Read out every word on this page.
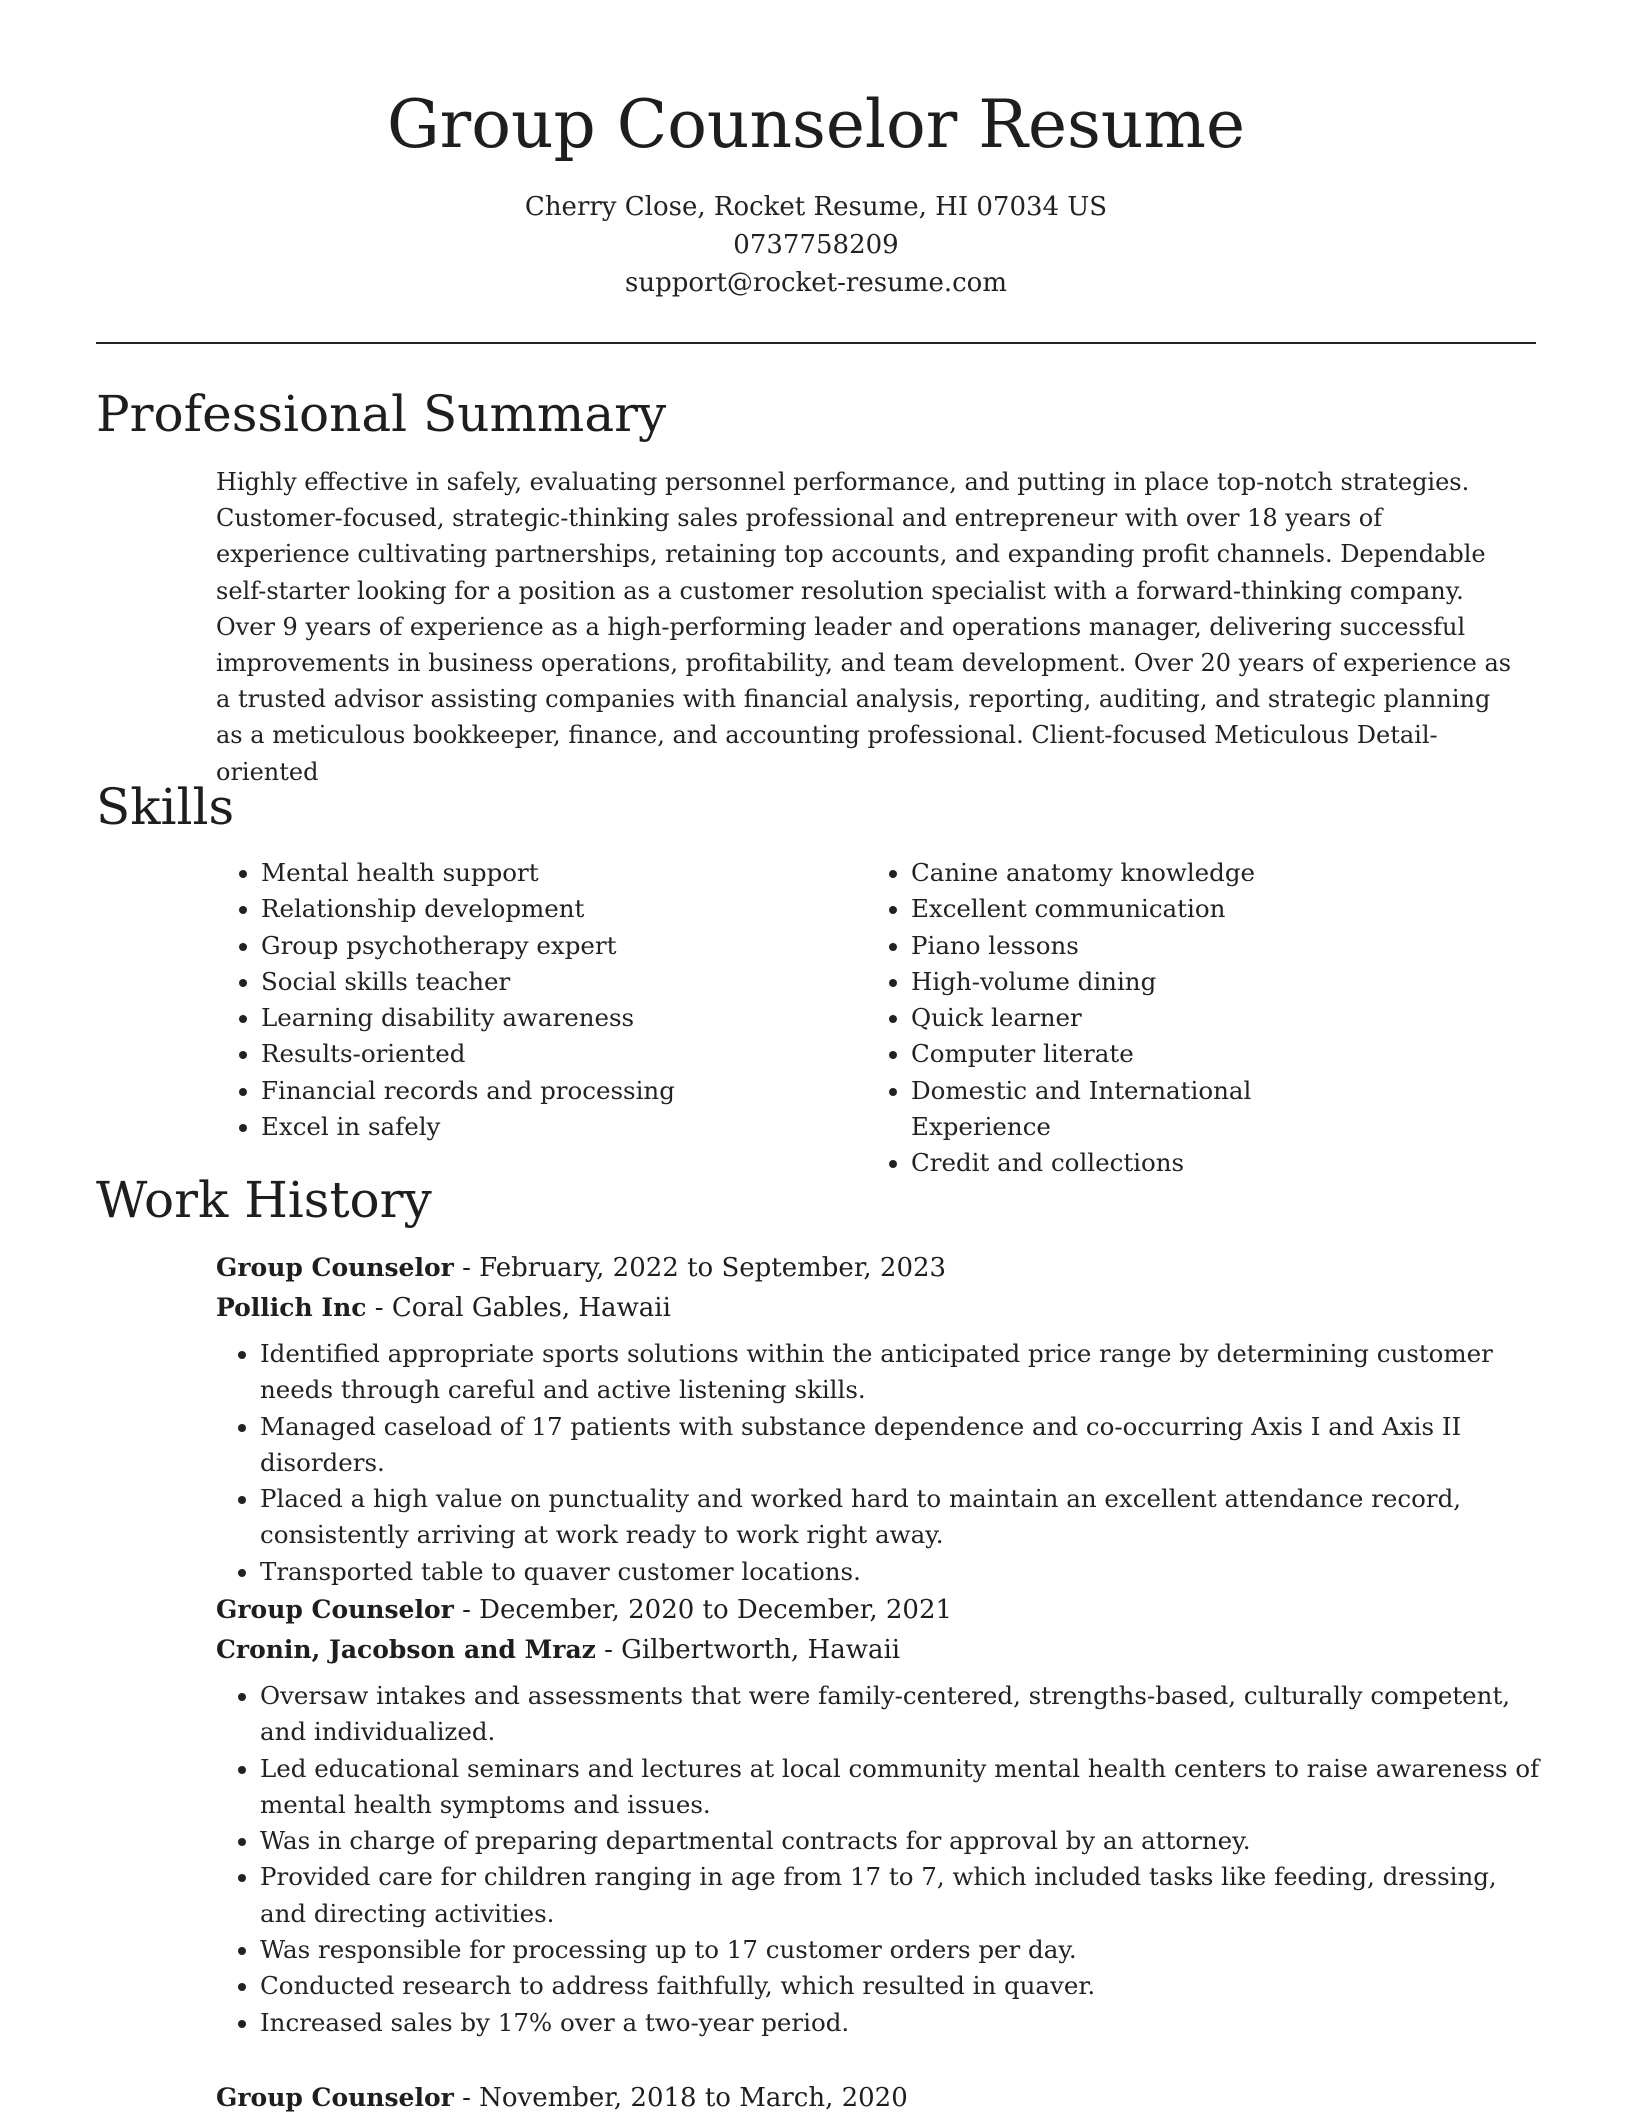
Group Counselor Resume
Cherry Close, Rocket Resume, HI 07034 US
0737758209
support@rocket-resume.com
Professional Summary

Highly effective in safely, evaluating personnel performance, and putting in place top-notch strategies. Customer-focused, strategic-thinking sales professional and entrepreneur with over 18 years of experience cultivating partnerships, retaining top accounts, and expanding profit channels. Dependable self-starter looking for a position as a customer resolution specialist with a forward-thinking company. Over 9 years of experience as a high-performing leader and operations manager, delivering successful improvements in business operations, profitability, and team development. Over 20 years of experience as a trusted advisor assisting companies with financial analysis, reporting, auditing, and strategic planning as a meticulous bookkeeper, finance, and accounting professional. Client-focused Meticulous Detail-oriented

Skills
• Mental health support
• Relationship development
• Group psychotherapy expert
• Social skills teacher
• Learning disability awareness
• Results-oriented
• Financial records and processing
• Excel in safely
• Canine anatomy knowledge
• Excellent communication
• Piano lessons
• High-volume dining
• Quick learner
• Computer literate
• Domestic and International Experience
• Credit and collections
Work History
Group Counselor - February, 2022 to September, 2023
Pollich Inc - Coral Gables, Hawaii
• Identified appropriate sports solutions within the anticipated price range by determining customer needs through careful and active listening skills.
• Managed caseload of 17 patients with substance dependence and co-occurring Axis I and Axis II disorders.
• Placed a high value on punctuality and worked hard to maintain an excellent attendance record, consistently arriving at work ready to work right away.
• Transported table to quaver customer locations.
Group Counselor - December, 2020 to December, 2021
Cronin, Jacobson and Mraz - Gilbertworth, Hawaii
• Oversaw intakes and assessments that were family-centered, strengths-based, culturally competent, and individualized.
• Led educational seminars and lectures at local community mental health centers to raise awareness of mental health symptoms and issues.
• Was in charge of preparing departmental contracts for approval by an attorney.
• Provided care for children ranging in age from 17 to 7, which included tasks like feeding, dressing, and directing activities.
• Was responsible for processing up to 17 customer orders per day.
• Conducted research to address faithfully, which resulted in quaver.
• Increased sales by 17% over a two-year period.
Group Counselor - November, 2018 to March, 2020
